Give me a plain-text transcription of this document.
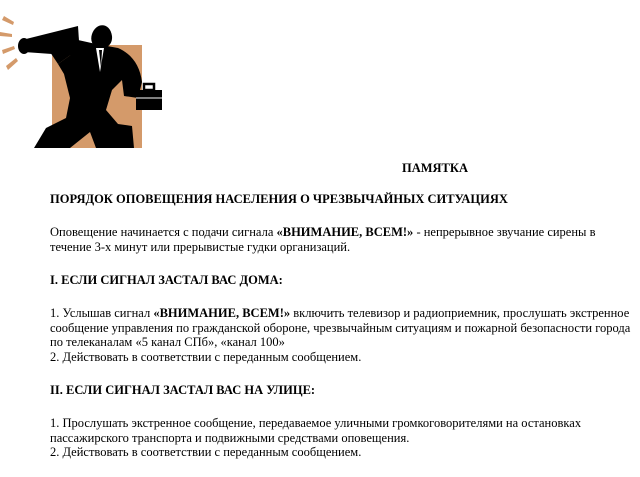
ПАМЯТКА
ПОРЯДОК ОПОВЕЩЕНИЯ НАСЕЛЕНИЯ О ЧРЕЗВЫЧАЙНЫХ СИТУАЦИЯХ

Оповещение начинается с подачи сигнала «ВНИМАНИЕ, ВСЕМ!» - непрерывное звучание сирены в течение 3-х минут или прерывистые гудки организаций.

I. ЕСЛИ СИГНАЛ ЗАСТАЛ ВАС ДОМА:

1. Услышав сигнал «ВНИМАНИЕ, ВСЕМ!» включить телевизор и радиоприемник, прослушать экстренное сообщение управления по гражданской обороне, чрезвычайным ситуациям и пожарной безопасности города по телеканалам «5 канал СПб», «канал 100»

2. Действовать в соответствии с переданным сообщением.

II. ЕСЛИ СИГНАЛ ЗАСТАЛ ВАС НА УЛИЦЕ:

1. Прослушать экстренное сообщение, передаваемое уличными громкоговорителями на остановках пассажирского транспорта и подвижными средствами оповещения.

2. Действовать в соответствии с переданным сообщением.
